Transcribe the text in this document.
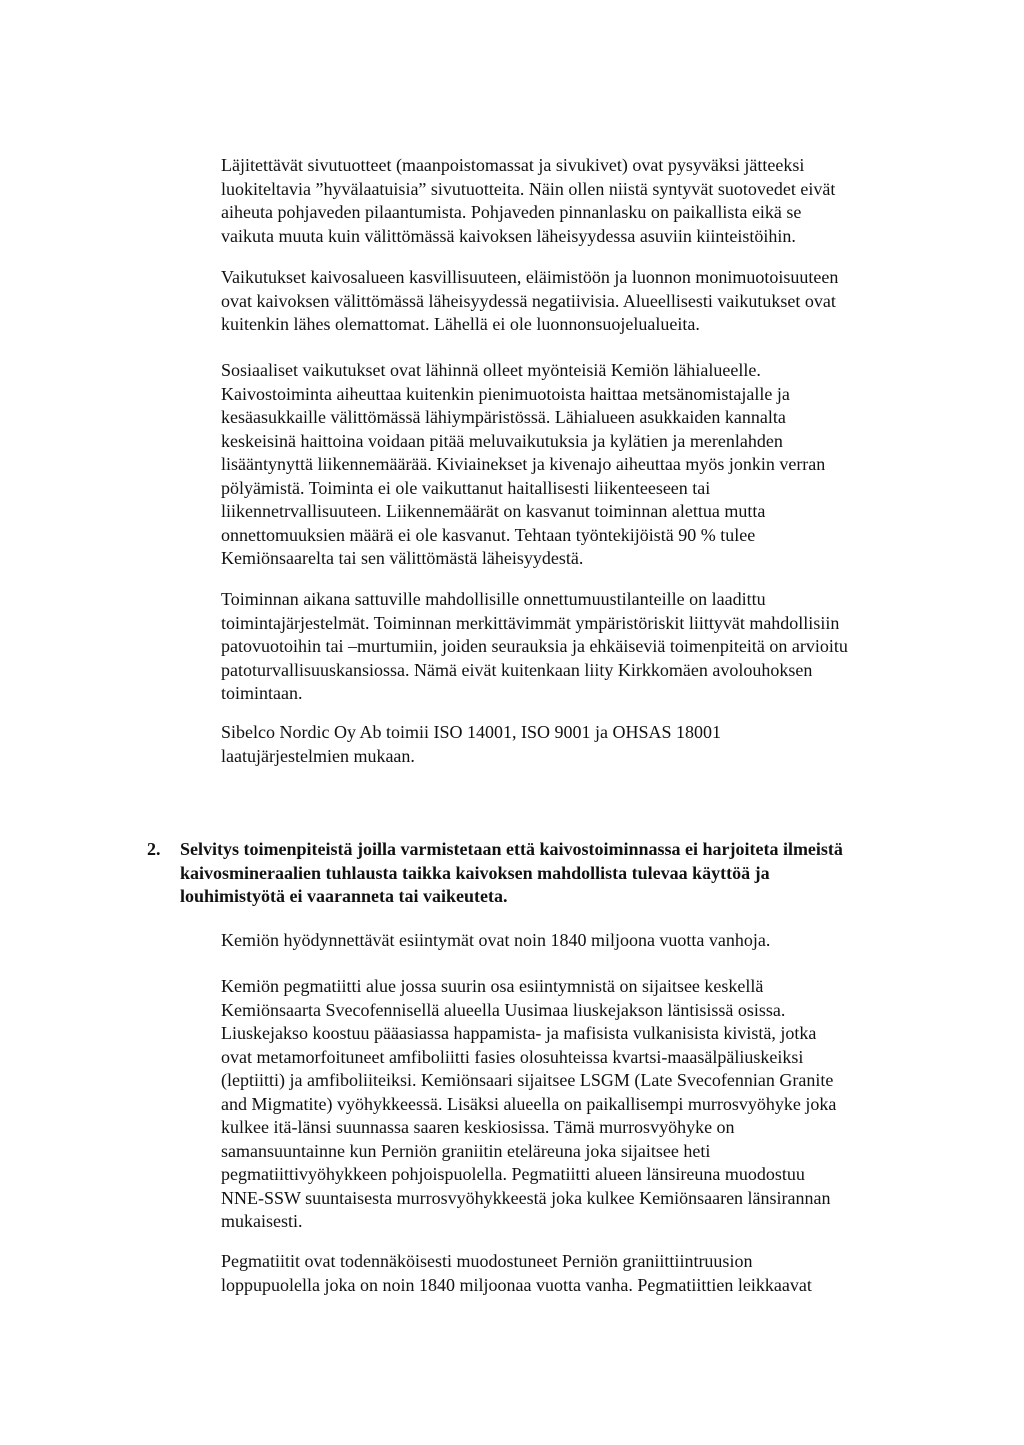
Läjitettävät sivutuotteet (maanpoistomassat ja sivukivet) ovat pysyväksi jätteeksi
luokiteltavia ”hyvälaatuisia” sivutuotteita. Näin ollen niistä syntyvät suotovedet eivät
aiheuta pohjaveden pilaantumista. Pohjaveden pinnanlasku on paikallista eikä se
vaikuta muuta kuin välittömässä kaivoksen läheisyydessa asuviin kiinteistöihin.
Vaikutukset kaivosalueen kasvillisuuteen, eläimistöön ja luonnon monimuotoisuuteen
ovat kaivoksen välittömässä läheisyydessä negatiivisia. Alueellisesti vaikutukset ovat
kuitenkin lähes olemattomat. Lähellä ei ole luonnonsuojelualueita.
Sosiaaliset vaikutukset ovat lähinnä olleet myönteisiä Kemiön lähialueelle.
Kaivostoiminta aiheuttaa kuitenkin pienimuotoista haittaa metsänomistajalle ja
kesäasukkaille välittömässä lähiympäristössä. Lähialueen asukkaiden kannalta
keskeisinä haittoina voidaan pitää meluvaikutuksia ja kylätien ja merenlahden
lisääntynyttä liikennemäärää. Kiviainekset ja kivenajo aiheuttaa myös jonkin verran
pölyämistä. Toiminta ei ole vaikuttanut haitallisesti liikenteeseen tai
liikennetrvallisuuteen. Liikennemäärät on kasvanut toiminnan alettua mutta
onnettomuuksien määrä ei ole kasvanut. Tehtaan työntekijöistä 90 % tulee
Kemiönsaarelta tai sen välittömästä läheisyydestä.
Toiminnan aikana sattuville mahdollisille onnettumuustilanteille on laadittu
toimintajärjestelmät. Toiminnan merkittävimmät ympäristöriskit liittyvät mahdollisiin
patovuotoihin tai –murtumiin, joiden seurauksia ja ehkäiseviä toimenpiteitä on arvioitu
patoturvallisuuskansiossa. Nämä eivät kuitenkaan liity Kirkkomäen avolouhoksen
toimintaan.
Sibelco Nordic Oy Ab toimii ISO 14001, ISO 9001 ja OHSAS 18001
laatujärjestelmien mukaan.
2. Selvitys toimenpiteistä joilla varmistetaan että kaivostoiminnassa ei harjoiteta ilmeistä
kaivosmineraalien tuhlausta taikka kaivoksen mahdollista tulevaa käyttöä ja
louhimistyötä ei vaaranneta tai vaikeuteta.
Kemiön hyödynnettävät esiintymät ovat noin 1840 miljoona vuotta vanhoja.
Kemiön pegmatiitti alue jossa suurin osa esiintymnistä on sijaitsee keskellä
Kemiönsaarta Svecofennisellä alueella Uusimaa liuskejakson läntisissä osissa.
Liuskejakso koostuu pääasiassa happamista- ja mafisista vulkanisista kivistä, jotka
ovat metamorfoituneet amfiboliitti fasies olosuhteissa kvartsi-maasälpäliuskeiksi
(leptiitti) ja amfiboliiteiksi. Kemiönsaari sijaitsee LSGM (Late Svecofennian Granite
and Migmatite) vyöhykkeessä. Lisäksi alueella on paikallisempi murrosvyöhyke joka
kulkee itä-länsi suunnassa saaren keskiosissa. Tämä murrosvyöhyke on
samansuuntainne kun Perniön graniitin eteläreuna joka sijaitsee heti
pegmatiittivyöhykkeen pohjoispuolella. Pegmatiitti alueen länsireuna muodostuu
NNE-SSW suuntaisesta murrosvyöhykkeestä joka kulkee Kemiönsaaren länsirannan
mukaisesti.
Pegmatiitit ovat todennäköisesti muodostuneet Perniön graniittiintruusion
loppupuolella joka on noin 1840 miljoonaa vuotta vanha. Pegmatiittien leikkaavat
